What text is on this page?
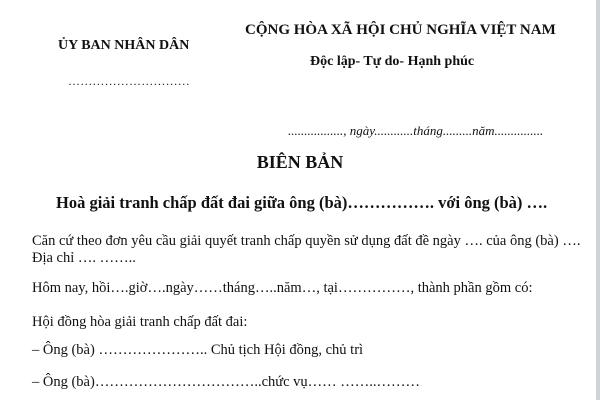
ỦY BAN NHÂN DÂN
…………………………
CỘNG HÒA XÃ HỘI CHỦ NGHĨA VIỆT NAM
Độc lập- Tự do- Hạnh phúc
................., ngày............tháng.........năm...............
BIÊN BẢN
Hoà giải tranh chấp đất đai giữa ông (bà)……………. với ông (bà) ….
Căn cứ theo đơn yêu cầu giải quyết tranh chấp quyền sử dụng đất đề ngày …. của ông (bà) ….
Địa chỉ …. ……..
Hôm nay, hồi….giờ….ngày……tháng…..năm…, tại……………, thành phần gồm có:
Hội đồng hòa giải tranh chấp đất đai:
– Ông (bà) ………………….. Chủ tịch Hội đồng, chủ trì
– Ông (bà)……………………………..chức vụ…… ……..………
